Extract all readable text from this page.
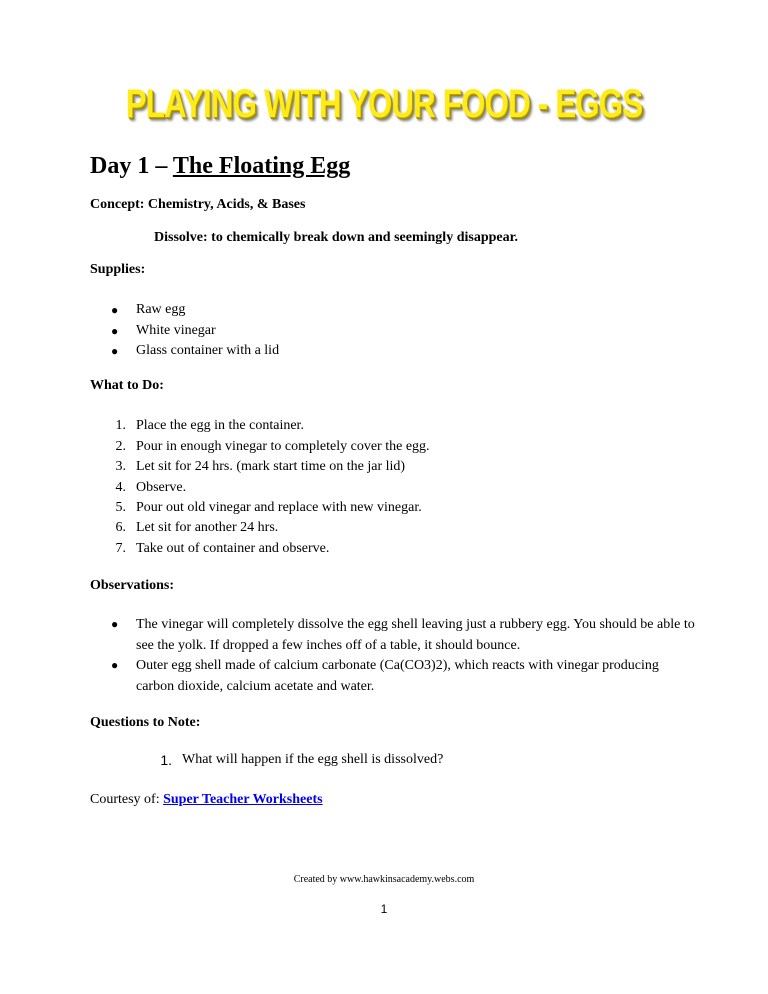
PLAYING WITH YOUR FOOD - EGGS
Day 1 – The Floating Egg
Concept: Chemistry, Acids, & Bases
Dissolve: to chemically break down and seemingly disappear.
Supplies:
● Raw egg
● White vinegar
● Glass container with a lid
What to Do:
1. Place the egg in the container.
2. Pour in enough vinegar to completely cover the egg.
3. Let sit for 24 hrs. (mark start time on the jar lid)
4. Observe.
5. Pour out old vinegar and replace with new vinegar.
6. Let sit for another 24 hrs.
7. Take out of container and observe.
Observations:
● The vinegar will completely dissolve the egg shell leaving just a rubbery egg. You should be able to see the yolk. If dropped a few inches off of a table, it should bounce.
● Outer egg shell made of calcium carbonate (Ca(CO3)2), which reacts with vinegar producing carbon dioxide, calcium acetate and water.
Questions to Note:
1. What will happen if the egg shell is dissolved?
Courtesy of: Super Teacher Worksheets
Created by www.hawkinsacademy.webs.com
1
